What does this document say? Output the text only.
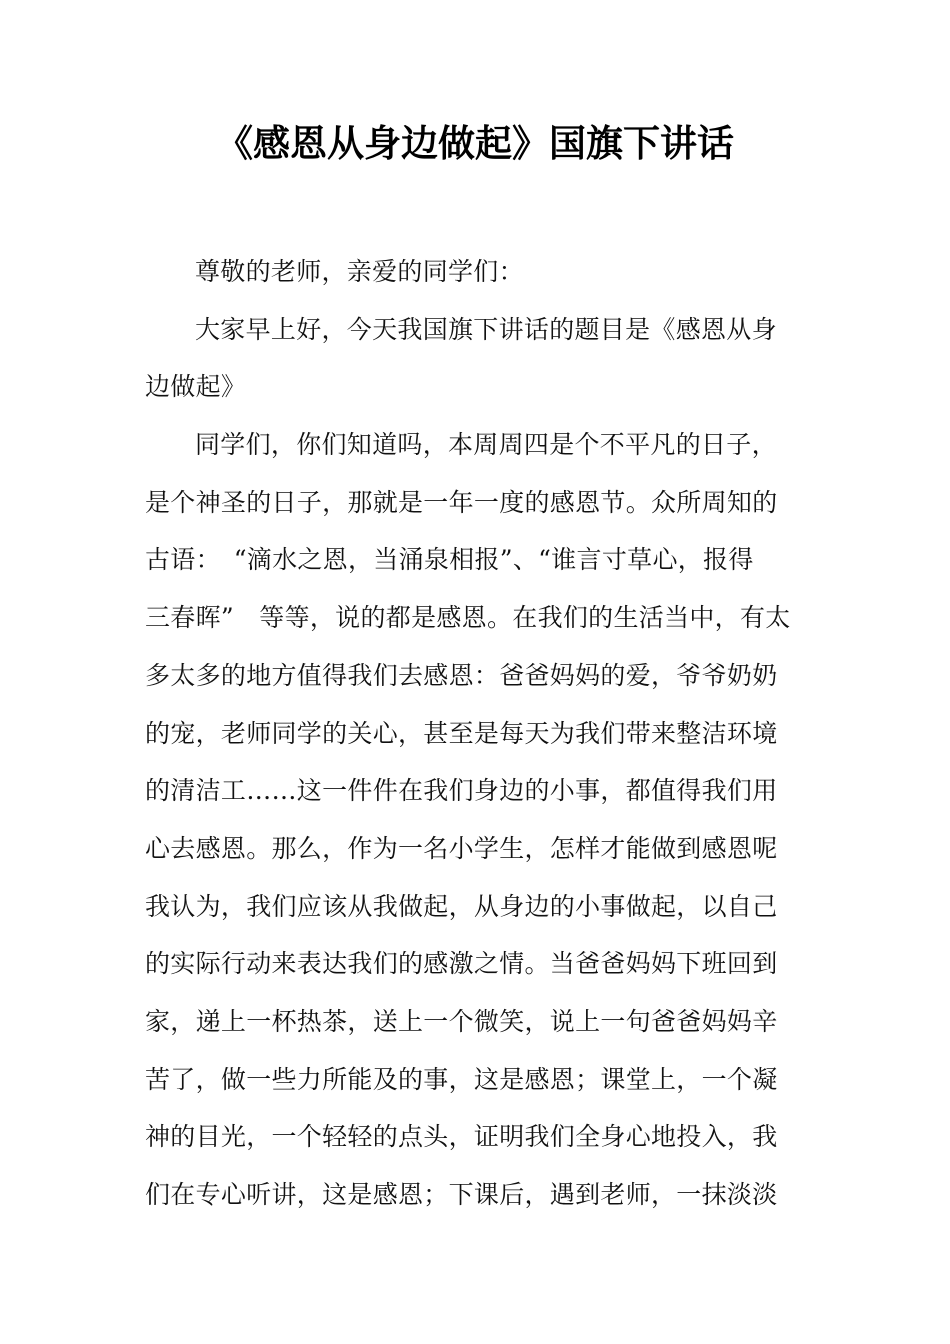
《感恩从身边做起》国旗下讲话
尊敬的老师，亲爱的同学们：
大家早上好，今天我国旗下讲话的题目是《感恩从身
边做起》
同学们，你们知道吗，本周周四是个不平凡的日子，
是个神圣的日子，那就是一年一度的感恩节。众所周知的
古语：　“滴水之恩，当涌泉相报”、“谁言寸草心，报得
三春晖”　等等，说的都是感恩。在我们的生活当中，有太
多太多的地方值得我们去感恩：爸爸妈妈的爱，爷爷奶奶
的宠，老师同学的关心，甚至是每天为我们带来整洁环境
的清洁工……这一件件在我们身边的小事，都值得我们用
心去感恩。那么，作为一名小学生，怎样才能做到感恩呢
我认为，我们应该从我做起，从身边的小事做起，以自己
的实际行动来表达我们的感激之情。当爸爸妈妈下班回到
家，递上一杯热茶，送上一个微笑，说上一句爸爸妈妈辛
苦了，做一些力所能及的事，这是感恩；课堂上，一个凝
神的目光，一个轻轻的点头，证明我们全身心地投入，我
们在专心听讲，这是感恩；下课后，遇到老师，一抹淡淡
